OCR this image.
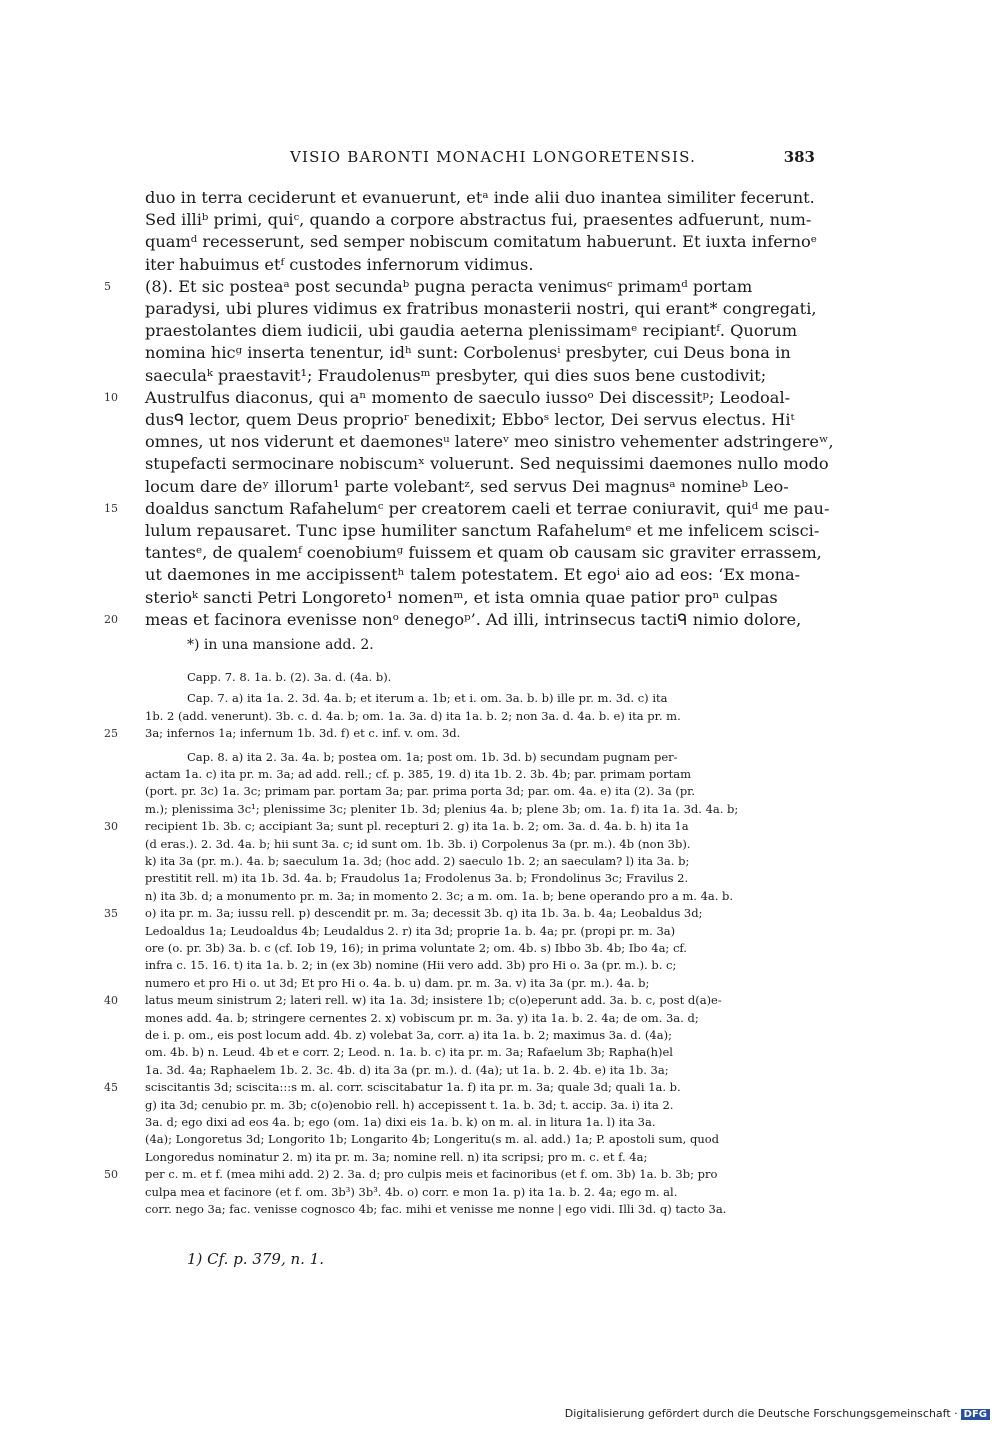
VISIO BARONTI MONACHI LONGORETENSIS.	383
duo in terra ceciderunt et evanuerunt, etᵃ inde alii duo inantea similiter fecerunt.
Sed illiᵇ primi, quiᶜ, quando a corpore abstractus fui, praesentes adfuerunt, num-
quamᵈ recesserunt, sed semper nobiscum comitatum habuerunt. Et iuxta infernoᵉ
iter habuimus etᶠ custodes infernorum vidimus.
5	(8). Et sic posteaᵃ post secundaᵇ pugna peracta venimusᶜ primamᵈ portam
paradysi, ubi plures vidimus ex fratribus monasterii nostri, qui erant* congregati,
praestolantes diem iudicii, ubi gaudia aeterna plenissimamᵉ recipiantᶠ. Quorum
nomina hicᵍ inserta tenentur, idʰ sunt: Corbolenusⁱ presbyter, cui Deus bona in
saeculaᵏ praestavit¹; Fraudolenusᵐ presbyter, qui dies suos bene custodivit;
10	Austrulfus diaconus, qui aⁿ momento de saeculo iussoᵒ Dei discessitᵖ; Leodoal-
dusᑫ lector, quem Deus proprioʳ benedixit; Ebboˢ lector, Dei servus electus. Hiᵗ
omnes, ut nos viderunt et daemonesᵘ latereᵛ meo sinistro vehementer adstringereʷ,
stupefacti sermocinare nobiscumˣ voluerunt. Sed nequissimi daemones nullo modo
locum dare deʸ illorum¹ parte volebantᶻ, sed servus Dei magnusᵃ nomineᵇ Leo-
15	doaldus sanctum Rafahelumᶜ per creatorem caeli et terrae coniuravit, quiᵈ me pau-
lulum repausaret. Tunc ipse humiliter sanctum Rafahelumᵉ et me infelicem scisci-
tantesᵉ, de qualemᶠ coenobiumᵍ fuissem et quam ob causam sic graviter errassem,
ut daemones in me accipissentʰ talem potestatem. Et egoⁱ aio ad eos: ‘Ex mona-
sterioᵏ sancti Petri Longoreto¹ nomenᵐ, et ista omnia quae patior proⁿ culpas
20	meas et facinora evenisse nonᵒ denegoᵖ’. Ad illi, intrinsecus tactiᑫ nimio dolore,
*) in una mansione add. 2.
Capp. 7. 8. 1a. b. (2). 3a. d. (4a. b).
Cap. 7. a) ita 1a. 2. 3d. 4a. b; et iterum a. 1b; et i. om. 3a. b. b) ille pr. m. 3d. c) ita
1b. 2 (add. venerunt). 3b. c. d. 4a. b; om. 1a. 3a. d) ita 1a. b. 2; non 3a. d. 4a. b. e) ita pr. m.
25	3a; infernos 1a; infernum 1b. 3d. f) et c. inf. v. om. 3d.
Cap. 8. a) ita 2. 3a. 4a. b; postea om. 1a; post om. 1b. 3d. b) secundam pugnam per-
actam 1a. c) ita pr. m. 3a; ad add. rell.; cf. p. 385, 19. d) ita 1b. 2. 3b. 4b; par. primam portam
(port. pr. 3c) 1a. 3c; primam par. portam 3a; par. prima porta 3d; par. om. 4a. e) ita (2). 3a (pr.
m.); plenissima 3c¹; plenissime 3c; pleniter 1b. 3d; plenius 4a. b; plene 3b; om. 1a. f) ita 1a. 3d. 4a. b;
30	recipient 1b. 3b. c; accipiant 3a; sunt pl. recepturi 2. g) ita 1a. b. 2; om. 3a. d. 4a. b. h) ita 1a
(d eras.). 2. 3d. 4a. b; hii sunt 3a. c; id sunt om. 1b. 3b. i) Corpolenus 3a (pr. m.). 4b (non 3b).
k) ita 3a (pr. m.). 4a. b; saeculum 1a. 3d; (hoc add. 2) saeculo 1b. 2; an saeculam? l) ita 3a. b;
prestitit rell. m) ita 1b. 3d. 4a. b; Fraudolus 1a; Frodolenus 3a. b; Frondolinus 3c; Fravilus 2.
n) ita 3b. d; a monumento pr. m. 3a; in momento 2. 3c; a m. om. 1a. b; bene operando pro a m. 4a. b.
35	o) ita pr. m. 3a; iussu rell. p) descendit pr. m. 3a; decessit 3b. q) ita 1b. 3a. b. 4a; Leobaldus 3d;
Ledoaldus 1a; Leudoaldus 4b; Leudaldus 2. r) ita 3d; proprie 1a. b. 4a; pr. (propi pr. m. 3a)
ore (o. pr. 3b) 3a. b. c (cf. Iob 19, 16); in prima voluntate 2; om. 4b. s) Ibbo 3b. 4b; Ibo 4a; cf.
infra c. 15. 16. t) ita 1a. b. 2; in (ex 3b) nomine (Hii vero add. 3b) pro Hi o. 3a (pr. m.). b. c;
numero et pro Hi o. ut 3d; Et pro Hi o. 4a. b. u) dam. pr. m. 3a. v) ita 3a (pr. m.). 4a. b;
40	latus meum sinistrum 2; lateri rell. w) ita 1a. 3d; insistere 1b; c(o)eperunt add. 3a. b. c, post d(a)e-
mones add. 4a. b; stringere cernentes 2. x) vobiscum pr. m. 3a. y) ita 1a. b. 2. 4a; de om. 3a. d;
de i. p. om., eis post locum add. 4b. z) volebat 3a, corr. a) ita 1a. b. 2; maximus 3a. d. (4a);
om. 4b. b) n. Leud. 4b et e corr. 2; Leod. n. 1a. b. c) ita pr. m. 3a; Rafaelum 3b; Rapha(h)el
1a. 3d. 4a; Raphaelem 1b. 2. 3c. 4b. d) ita 3a (pr. m.). d. (4a); ut 1a. b. 2. 4b. e) ita 1b. 3a;
45	sciscitantis 3d; sciscita:::s m. al. corr. sciscitabatur 1a. f) ita pr. m. 3a; quale 3d; quali 1a. b.
g) ita 3d; cenubio pr. m. 3b; c(o)enobio rell. h) accepissent t. 1a. b. 3d; t. accip. 3a. i) ita 2.
3a. d; ego dixi ad eos 4a. b; ego (om. 1a) dixi eis 1a. b. k) on m. al. in litura 1a. l) ita 3a.
(4a); Longoretus 3d; Longorito 1b; Longarito 4b; Longeritu(s m. al. add.) 1a; P. apostoli sum, quod
Longoredus nominatur 2. m) ita pr. m. 3a; nomine rell. n) ita scripsi; pro m. c. et f. 4a;
50	per c. m. et f. (mea mihi add. 2) 2. 3a. d; pro culpis meis et facinoribus (et f. om. 3b) 1a. b. 3b; pro
culpa mea et facinore (et f. om. 3b³) 3b³. 4b. o) corr. e mon 1a. p) ita 1a. b. 2. 4a; ego m. al.
corr. nego 3a; fac. venisse cognosco 4b; fac. mihi et venisse me nonne | ego vidi. Illi 3d. q) tacto 3a.
1) Cf. p. 379, n. 1.
Digitalisierung gefördert durch die Deutsche Forschungsgemeinschaft · DFG
